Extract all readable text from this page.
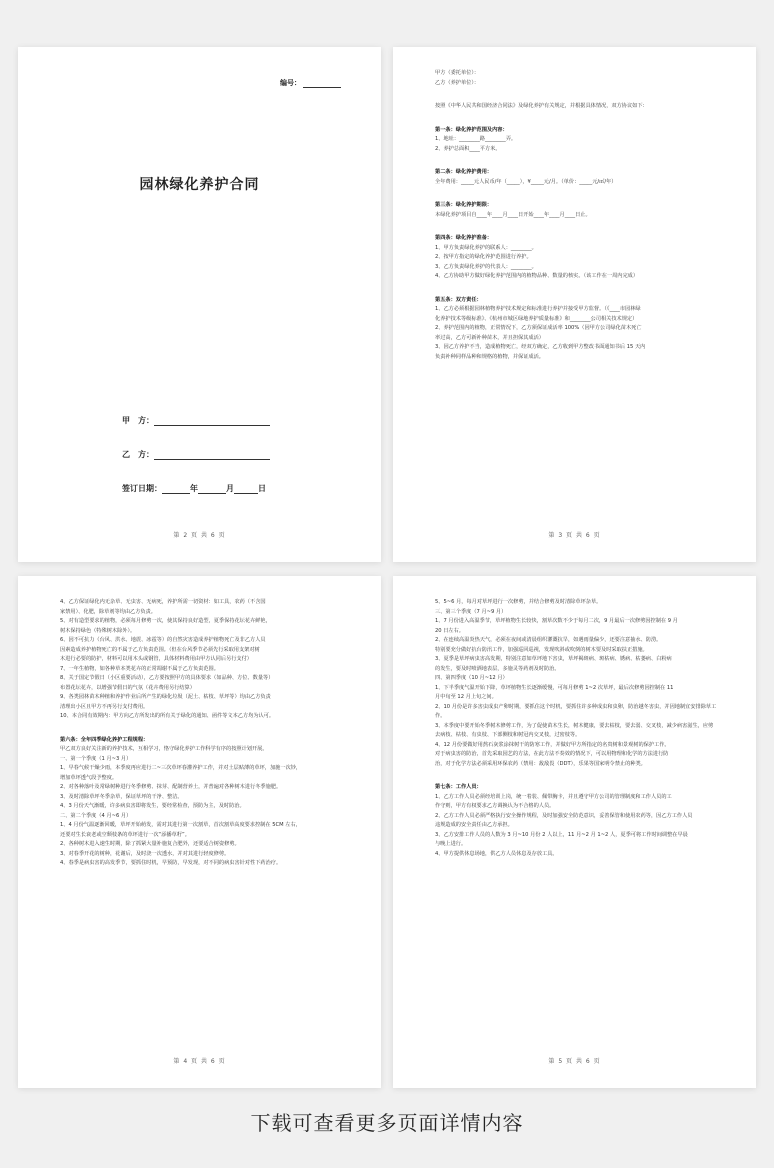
编号：
园林绿化养护合同
甲　方：
乙　方：
签订日期：	年	月	日
第 2 页 共 6 页

甲方（委托单位）：

乙方（养护单位）：

按照《中华人民共和国经济合同法》及绿化养护有关规定，并根据具体情况，双方协议如下：

第一条：绿化养护范围及内容：

1、地址：________路________弄。

2、养护总面积____平方米。

第二条：绿化养护费用：

全年费用：_____元人民币/年（_____），¥_____元/月。（单价：_____元/㎡/年）

第三条：绿化养护期限：

本绿化养护项目自____年____月____日开始____年____月____日止。

第四条：绿化养护准备：

1、甲方负责绿化养护的联系人：________。

2、按甲方指定的绿化养护范围进行养护。

3、乙方负责绿化养护的代表人：________。

4、乙方协助甲方做好绿化养护范围内的植物品种、数量的核实。（该工作在一周内完成）

第五条：双方责任：

1、乙方必须根据园林植物养护技术规定和标准进行养护并接受甲方监督。（《____市园林绿

化养护技术等级标准》、《杭州市城区绿地养护质量标准》和________公司相关技术规定）

2、养护范围内的植物，正常情况下，乙方须保证成活率 100%（因甲方公司绿化苗木死亡

率过高，乙方可新补种苗木，并且担保其成活）

3、因乙方养护不当，造成植物死亡，经双方确定，乙方收到甲方整改书面通知书后 15 天内

负责补种同样品种和规格的植物，并保证成活。

第 3 页 共 6 页

4、乙方保证绿化内无杂草、无虫害、无病死，养护所需一切资材：如工具，农药（不含国

家禁用）、化肥，除草剂等均由乙方负责。

5、对有造型要求的植物，必须每月修剪一次，使其保持良好造型，夏季保持花坛花卉鲜艳，

树木保持绿色（特殊树木除外）。

6、因不可抗力（台风、洪水、地震、冰雹等）的自然灾害造成养护植物死亡及非乙方人员

因素造成养护植物死亡的不属于乙方负责范围。（但在台风季节必须先行采取用支架对树

木进行必要的防护，材料可以用木头或钢管，具体材料费用由甲方认同后另行支付）

7、一年生植物，如各种草本类花卉的正常凋谢不属于乙方负责范围。

8、关于国定节假日（小区重要活动），乙方要按照甲方的具体要求（如品种、方位、数量等）

布置花坛花卉，以增强节假日的气氛（花卉费用另行结算）

9、各类园林苗木种植和养护作业后所产生的绿化垃圾（泥土、枯枝、草坪等）均由乙方负责

清理出小区且甲方不再另行支付费用。

10、本合同有效期内：甲方向乙方所发出的所有关于绿化的通知、函件等文本乙方均为认可。

第六条：全年四季绿化养护工程规程：

甲乙双方良好关注新的养护技术，互相学习，恪守绿化养护工作科学有序的按照计划开展。

一、第一个季度（1 月~3 月）

1、早春气候干燥少雨，本季度再应进行二~三次草坪春灌养护工作，并对土层贴薄的草坪，加施一次钞，

增加草坪透气段予整度。

2、对各种落叶及常绿树种进行冬季修剪、抹芽、配制营养土，并普遍对各种树木进行冬季施肥。

3、及时清除草坪冬季杂草，保证草坪的干净、整洁。

4、3 月份天气渐暖，许多病虫害即将发生，要经常检查，预防为主，及时防治。

二、第二个季度（4 月~6 月）

1、4 月份气温逐渐回暖，草坪开始萌发，需对其进行第一次割草，首次割草高度要求控制在 5CM 左右，

还要对生长衰老或空颓枝条的草坪进行一次“添播草籽”。

2、各种树木进入速生时期，除了抓紧大量补施复合肥外，还要适合树姿修剪。

3、对春季开花的树种，花谢后，及时浇一次透水，并对其进行轻度修剪。

4、春季是病虫害的高发季节，要抓住时机，早预防，早发现，对不同的病虫害针对性下药治疗。

第 4 页 共 6 页

5、5~6 月，每月对草坪进行一次修剪，并结合修剪及时清除草坪杂草。

三、第三个季度（7 月~9 月）

1、7 月份进入高温季节，草坪植物生长较快，割草次数不少于每月二次，9 月最后一次修剪因控制在 9 月

20 日左右。

2、在连续高温炎热天气，必须在夜间或清晨组织灌溉抗旱，如遇雨量偏少，还要注意抽水、防涝。

特别要充分做好抗台防汛工作，加强巡回巡视，发现吹斜或吹倒的树木要及时采取扶正措施。

3、夏季是草坪病虫害高发期，特别注意如草坪地下害虫，草坪褐斑病、斑枯病、锈病、枯萎病、白粉病

的发生，要及时喷洒地表层，多施灵等药剂及时防治。

四、第四季度（10 月~12 月）

1、下半季度气温开始下降，草坪植物生长逐渐缓慢，可每月修剪 1~2 次草坪，最后次修剪因控制在 11

月中旬至 12 月上旬之间。

2、10 月份是许多害虫成虫产卵时期，要抓住这个时机，要抓住许多种成虫和虫卵，防治越冬害虫，并因地制宜安排除草工

作。

3、本季度中要开始冬季树木修剪工作，为了促使苗木生长，树木健康，要去枯枝，要去弱、交叉枝，减少病害滋生，应剪

去病枝、枯枝、有虫枝、下部侧枝和树冠内交叉枝，过密枝等。

4、12 月份要做好用熬石灰浆涂抹树干的防寒工作，并做好甲方所指定的名贵树和景观树的保护工作。

对于病虫害的防治，首先采取园艺的方法，在此方法不奏效的情况下，可以用物理和化学的方法进行防

治，对于化学方法必须采用环保农药（禁用：敌敌畏（DDT），乐果等国家明令禁止的种类。

第七条：工作人员：

1、乙方工作人员必须经培训上岗，统一着装、佩带胸卡，并且遵守甲方公司的管理制度和工作人员的工

作守则，甲方有权要求乙方调换认为不合格的人员。

2、乙方工作人员必须严格执行安全操作规程，及时加强安全防范意识，妥善保管和使用农药等，因乙方工作人员

违规造成的安全责任由乙方承担。

3、乙方安排工作人员的人数为 3 月~10 月份 2 人以上，11 月~2 月 1~2 人，夏季可将工作时间调整在早晨

与晚上进行。

4、甲方提供休息场地，供乙方人员休息及存放工具。

第 5 页 共 6 页
下载可查看更多页面详情内容
